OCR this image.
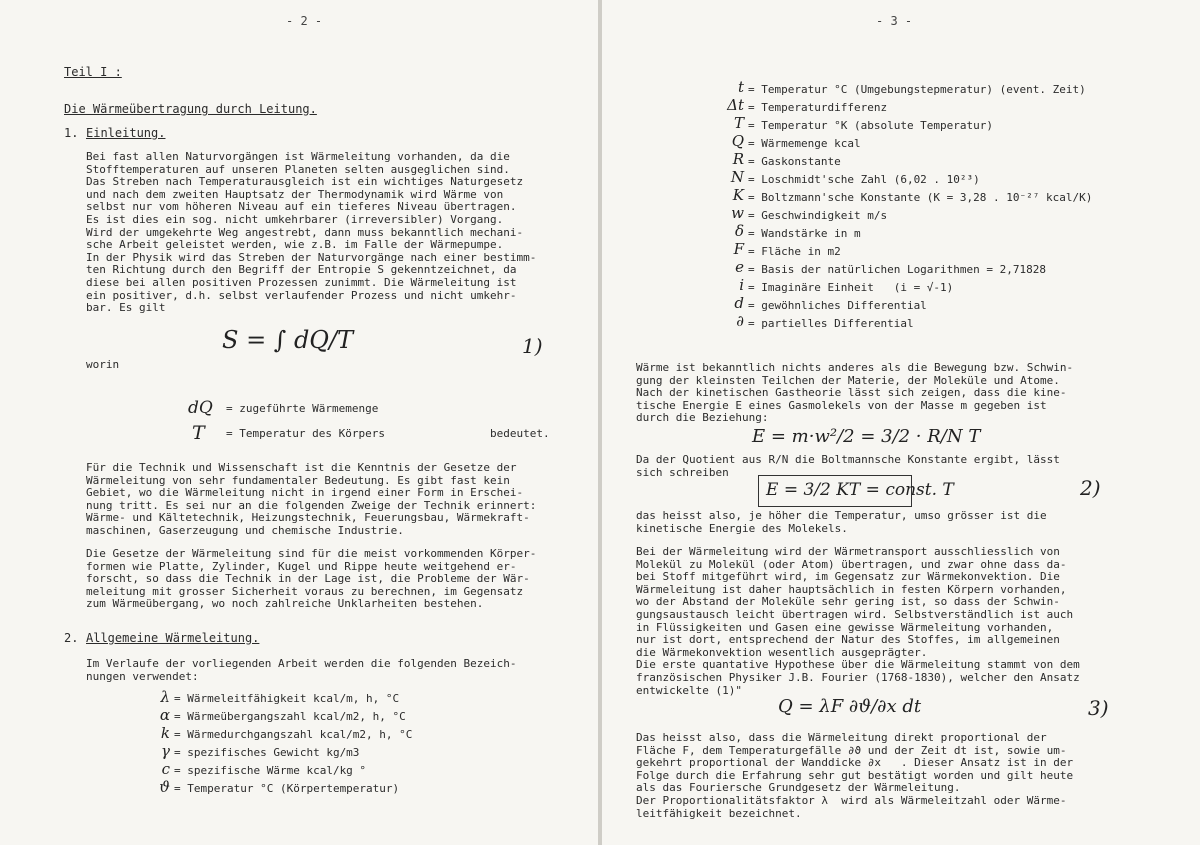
- 2 -
Teil I :
Die Wärmeübertragung durch Leitung.
1. Einleitung.
Bei fast allen Naturvorgängen ist Wärmeleitung vorhanden, da die
Stofftemperaturen auf unseren Planeten selten ausgeglichen sind.
Das Streben nach Temperaturausgleich ist ein wichtiges Naturgesetz
und nach dem zweiten Hauptsatz der Thermodynamik wird Wärme von
selbst nur vom höheren Niveau auf ein tieferes Niveau übertragen.
Es ist dies ein sog. nicht umkehrbarer (irreversibler) Vorgang.
Wird der umgekehrte Weg angestrebt, dann muss bekanntlich mechani-
sche Arbeit geleistet werden, wie z.B. im Falle der Wärmepumpe.
In der Physik wird das Streben der Naturvorgänge nach einer bestimm-
ten Richtung durch den Begriff der Entropie S gekenntzeichnet, da
diese bei allen positiven Prozessen zunimmt. Die Wärmeleitung ist
ein positiver, d.h. selbst verlaufender Prozess und nicht umkehr-
bar. Es gilt
S = ∫ dQ/T	1)
worin
dQ = zugeführte Wärmemenge
T = Temperatur des Körpers	bedeutet.
Für die Technik und Wissenschaft ist die Kenntnis der Gesetze der
Wärmeleitung von sehr fundamentaler Bedeutung. Es gibt fast kein
Gebiet, wo die Wärmeleitung nicht in irgend einer Form in Erschei-
nung tritt. Es sei nur an die folgenden Zweige der Technik erinnert:
Wärme- und Kältetechnik, Heizungstechnik, Feuerungsbau, Wärmekraft-
maschinen, Gaserzeugung und chemische Industrie.
Die Gesetze der Wärmeleitung sind für die meist vorkommenden Körper-
formen wie Platte, Zylinder, Kugel und Rippe heute weitgehend er-
forscht, so dass die Technik in der Lage ist, die Probleme der Wär-
meleitung mit grosser Sicherheit voraus zu berechnen, im Gegensatz
zum Wärmeübergang, wo noch zahlreiche Unklarheiten bestehen.
2. Allgemeine Wärmeleitung.
Im Verlaufe der vorliegenden Arbeit werden die folgenden Bezeich-
nungen verwendet:
λ = Wärmeleitfähigkeit kcal/m, h, °C
α = Wärmeübergangszahl kcal/m2, h, °C
k = Wärmedurchgangszahl kcal/m2, h, °C
γ = spezifisches Gewicht kg/m3
c = spezifische Wärme kcal/kg °
ϑ = Temperatur °C (Körpertemperatur)
- 3 -
t = Temperatur °C (Umgebungstepmeratur) (event. Zeit)
Δt = Temperaturdifferenz
T = Temperatur °K (absolute Temperatur)
Q = Wärmemenge kcal
R = Gaskonstante
N = Loschmidt'sche Zahl (6,02 . 10²³)
K = Boltzmann'sche Konstante (K = 3,28 . 10⁻²⁷ kcal/K)
w = Geschwindigkeit m/s
δ = Wandstärke in m
F = Fläche in m2
e = Basis der natürlichen Logarithmen = 2,71828
i = Imaginäre Einheit   (i = √-1)
d = gewöhnliches Differential
∂ = partielles Differential
Wärme ist bekanntlich nichts anderes als die Bewegung bzw. Schwin-
gung der kleinsten Teilchen der Materie, der Moleküle und Atome.
Nach der kinetischen Gastheorie lässt sich zeigen, dass die kine-
tische Energie E eines Gasmolekels von der Masse m gegeben ist
durch die Beziehung:
E = m·w²/2 = 3/2 · R/N T
Da der Quotient aus R/N die Boltmannsche Konstante ergibt, lässt
sich schreiben
E = 3/2 KT = const. T	2)
das heisst also, je höher die Temperatur, umso grösser ist die
kinetische Energie des Molekels.
Bei der Wärmeleitung wird der Wärmetransport ausschliesslich von
Molekül zu Molekül (oder Atom) übertragen, und zwar ohne dass da-
bei Stoff mitgeführt wird, im Gegensatz zur Wärmekonvektion. Die
Wärmeleitung ist daher hauptsächlich in festen Körpern vorhanden,
wo der Abstand der Moleküle sehr gering ist, so dass der Schwin-
gungsaustausch leicht übertragen wird. Selbstverständlich ist auch
in Flüssigkeiten und Gasen eine gewisse Wärmeleitung vorhanden,
nur ist dort, entsprechend der Natur des Stoffes, im allgemeinen
die Wärmekonvektion wesentlich ausgeprägter.
Die erste quantative Hypothese über die Wärmeleitung stammt von dem
französischen Physiker J.B. Fourier (1768-1830), welcher den Ansatz
entwickelte (1)"
Q = λF ∂ϑ/∂x dt	3)
Das heisst also, dass die Wärmeleitung direkt proportional der
Fläche F, dem Temperaturgefälle ∂ϑ und der Zeit dt ist, sowie um-
gekehrt proportional der Wanddicke ∂x   . Dieser Ansatz ist in der
Folge durch die Erfahrung sehr gut bestätigt worden und gilt heute
als das Fouriersche Grundgesetz der Wärmeleitung.
Der Proportionalitätsfaktor λ  wird als Wärmeleitzahl oder Wärme-
leitfähigkeit bezeichnet.
